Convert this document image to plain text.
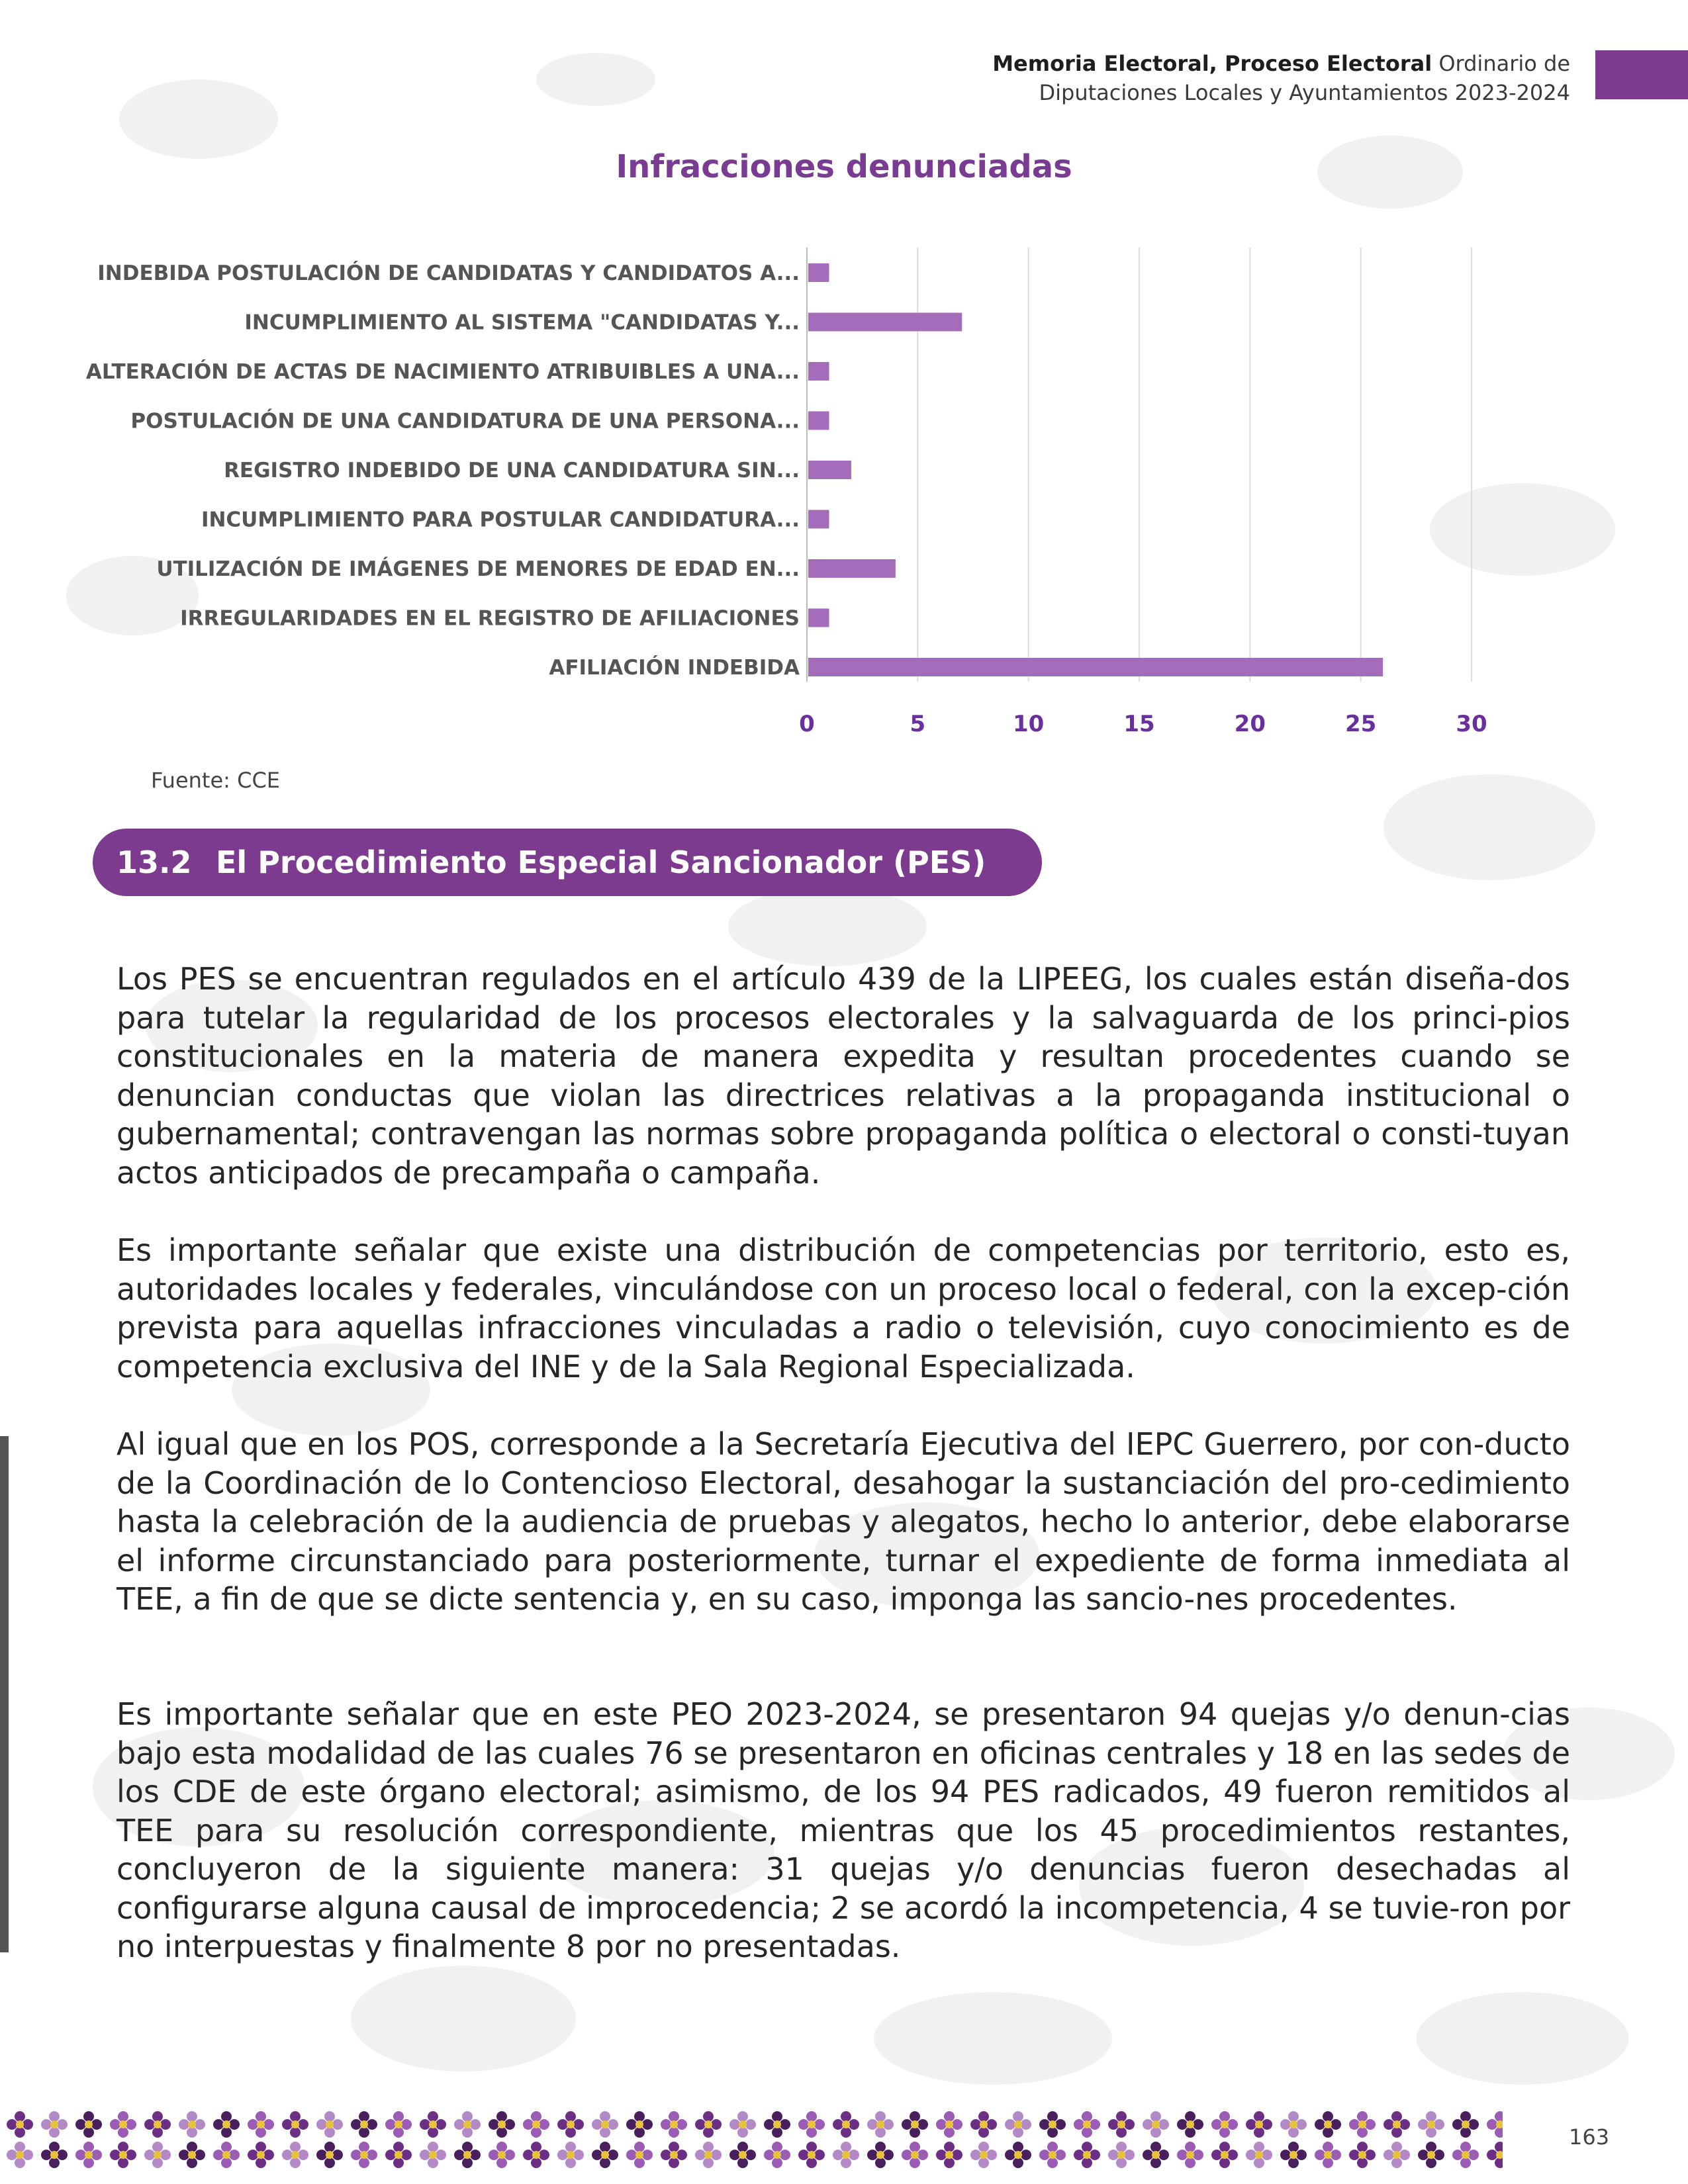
Memoria Electoral, Proceso Electoral Ordinario de
Diputaciones Locales y Ayuntamientos 2023-2024
Infracciones denunciadas
0	5	10	15	20	25	30
INDEBIDA POSTULACIÓN DE CANDIDATAS Y CANDIDATOS A...
INCUMPLIMIENTO AL SISTEMA "CANDIDATAS Y...
ALTERACIÓN DE ACTAS DE NACIMIENTO ATRIBUIBLES A UNA...
POSTULACIÓN DE UNA CANDIDATURA DE UNA PERSONA...
REGISTRO INDEBIDO DE UNA CANDIDATURA SIN...
INCUMPLIMIENTO PARA POSTULAR CANDIDATURA...
UTILIZACIÓN DE IMÁGENES DE MENORES DE EDAD EN...
IRREGULARIDADES EN EL REGISTRO DE AFILIACIONES
AFILIACIÓN INDEBIDA
Fuente: CCE
13.2 El Procedimiento Especial Sancionador (PES)

Los PES se encuentran regulados en el artículo 439 de la LIPEEG, los cuales están diseña-dos para tutelar la regularidad de los procesos electorales y la salvaguarda de los princi-pios constitucionales en la materia de manera expedita y resultan procedentes cuando se denuncian conductas que violan las directrices relativas a la propaganda institucional o gubernamental; contravengan las normas sobre propaganda política o electoral o consti-tuyan actos anticipados de precampaña o campaña.

Es importante señalar que existe una distribución de competencias por territorio, esto es, autoridades locales y federales, vinculándose con un proceso local o federal, con la excep-ción prevista para aquellas infracciones vinculadas a radio o televisión, cuyo conocimiento es de competencia exclusiva del INE y de la Sala Regional Especializada.

Al igual que en los POS, corresponde a la Secretaría Ejecutiva del IEPC Guerrero, por con-ducto de la Coordinación de lo Contencioso Electoral, desahogar la sustanciación del pro-cedimiento hasta la celebración de la audiencia de pruebas y alegatos, hecho lo anterior, debe elaborarse el informe circunstanciado para posteriormente, turnar el expediente de forma inmediata al TEE, a fin de que se dicte sentencia y, en su caso, imponga las sancio-nes procedentes.

Es importante señalar que en este PEO 2023-2024, se presentaron 94 quejas y/o denun-cias bajo esta modalidad de las cuales 76 se presentaron en oficinas centrales y 18 en las sedes de los CDE de este órgano electoral; asimismo, de los 94 PES radicados, 49 fueron remitidos al TEE para su resolución correspondiente, mientras que los 45 procedimientos restantes, concluyeron de la siguiente manera: 31 quejas y/o denuncias fueron desechadas al configurarse alguna causal de improcedencia; 2 se acordó la incompetencia, 4 se tuvie-ron por no interpuestas y finalmente 8 por no presentadas.

163
